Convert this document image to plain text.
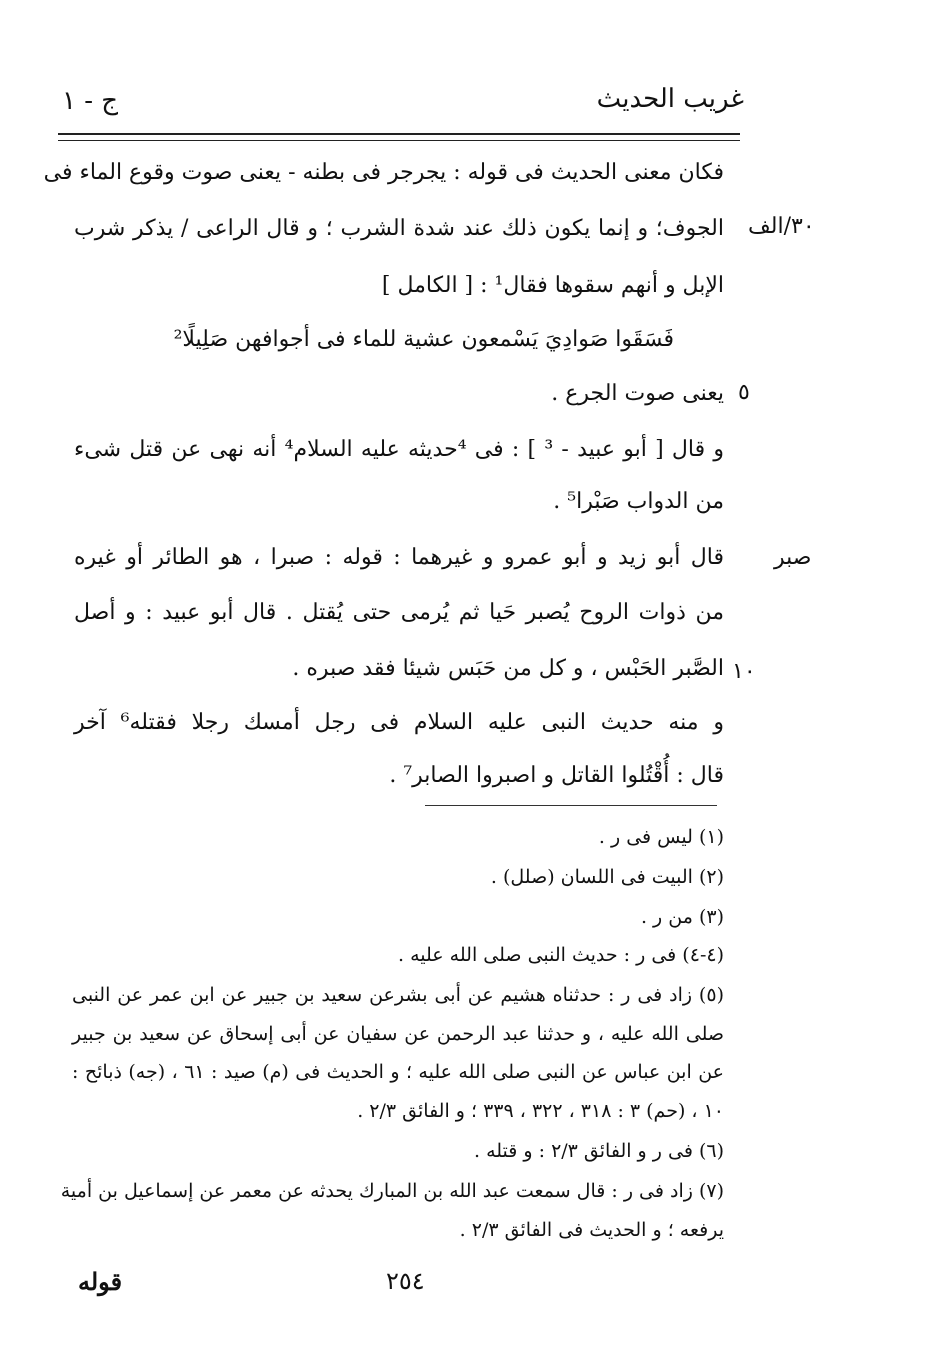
غريب الحديث
ج - ١
٣٠/الف
٥
صبر
١٠
فكان معنى الحديث فى قوله : يجرجر فى بطنه - يعنى صوت وقوع الماء فى
الجوف؛ و إنما يكون ذلك عند شدة الشرب ؛ و قال الراعى / يذكر شرب
الإبل و أنهم سقوها فقال¹ : [ الكامل ]
فَسَقَوا صَوادِيَ يَسْمعون عشية للماء فى أجوافهن صَلِيلًا²
يعنى صوت الجرع .
و قال [ أبو عبيد - ³ ] : فى ⁴حديثه عليه السلام⁴ أنه نهى عن قتل شىء
من الدواب صَبْرا⁵ .
قال أبو زيد و أبو عمرو و غيرهما : قوله : صبرا ، هو الطائر أو غيره
من ذوات الروح يُصبر حَيا ثم يُرمى حتى يُقتل . قال أبو عبيد : و أصل
الصَّبر الحَبْس ، و كل من حَبَس شيئا فقد صبره .
و منه حديث النبى عليه السلام فى رجل أمسك رجلا فقتله⁶ آخر
قال : أُقْتُلوا القاتل و اصبروا الصابر⁷ .
(١) ليس فى ر .
(٢) البيت فى اللسان (صلل) .
(٣) من ر .
(٤-٤) فى ر : حديث النبى صلى الله عليه .
(٥) زاد فى ر : حدثناه هشيم عن أبى بشرعن سعيد بن جبير عن ابن عمر عن النبى
صلى الله عليه ، و حدثنا عبد الرحمن عن سفيان عن أبى إسحاق عن سعيد بن جبير
عن ابن عباس عن النبى صلى الله عليه ؛ و الحديث فى (م) صيد : ٦١ ، (جه) ذبائح :
١٠ ، (حم) ٣ : ٣١٨ ، ٣٢٢ ، ٣٣٩ ؛ و الفائق ٢/٣ .
(٦) فى ر و الفائق ٢/٣ : و قتله .
(٧) زاد فى ر : قال سمعت عبد الله بن المبارك يحدثه عن معمر عن إسماعيل بن أمية
يرفعه ؛ و الحديث فى الفائق ٢/٣ .
٢٥٤
قوله
